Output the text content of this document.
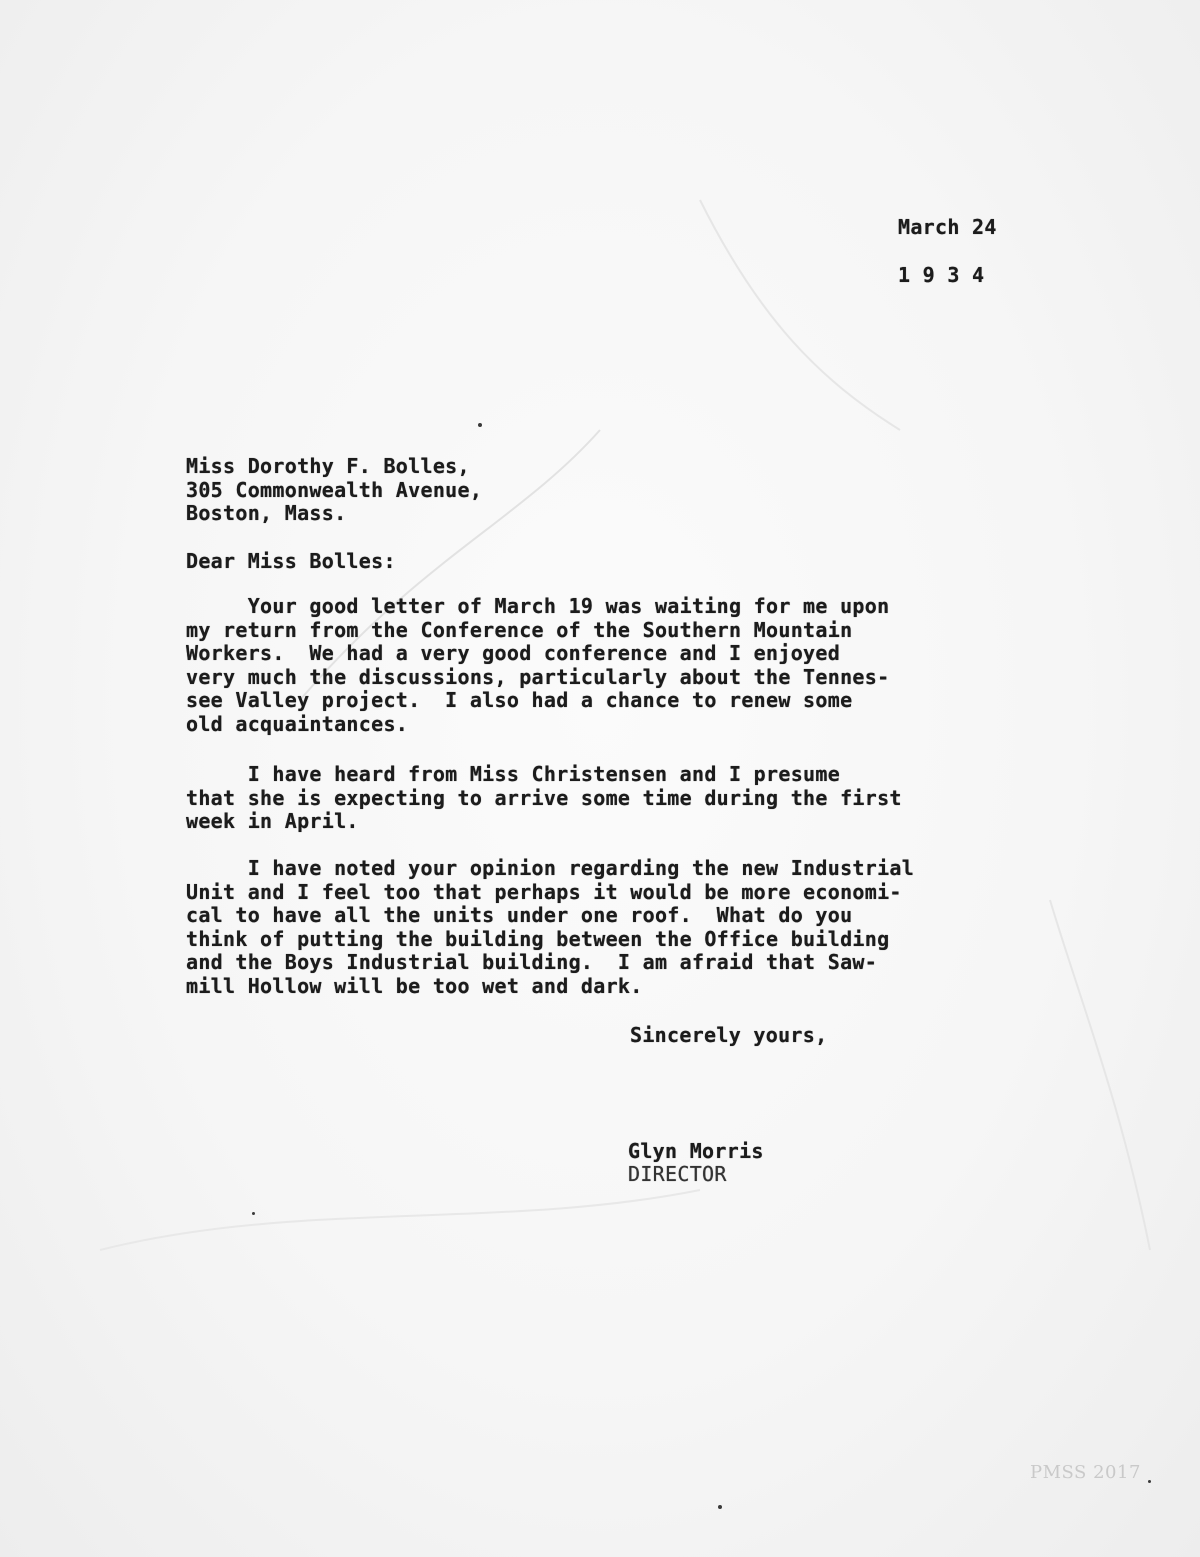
March 24

1 9 3 4

Miss Dorothy F. Bolles,
305 Commonwealth Avenue,
Boston, Mass.

Dear Miss Bolles:

Your good letter of March 19 was waiting for me upon
my return from the Conference of the Southern Mountain
Workers.  We had a very good conference and I enjoyed
very much the discussions, particularly about the Tennes-
see Valley project.  I also had a chance to renew some
old acquaintances.

I have heard from Miss Christensen and I presume
that she is expecting to arrive some time during the first
week in April.

I have noted your opinion regarding the new Industrial
Unit and I feel too that perhaps it would be more economi-
cal to have all the units under one roof.  What do you
think of putting the building between the Office building
and the Boys Industrial building.  I am afraid that Saw-
mill Hollow will be too wet and dark.

Sincerely yours,

Glyn Morris

DIRECTOR

PMSS 2017
